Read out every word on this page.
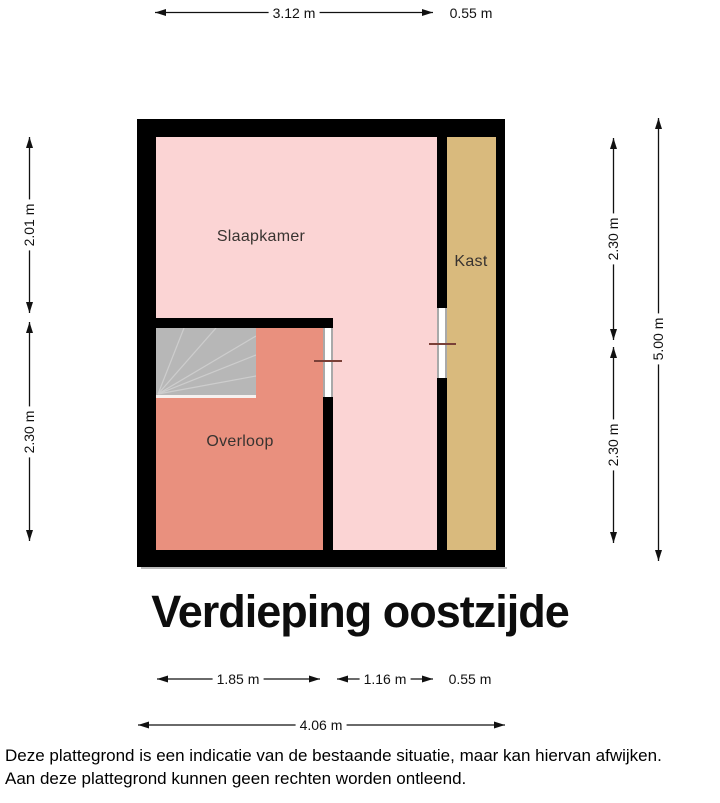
Slaapkamer
Kast
Overloop
3.12 m	0.55 m
2.01 m
2.30 m
2.30 m
2.30 m
5.00 m
1.85 m	1.16 m	0.55 m
4.06 m
Verdieping oostzijde
Deze plattegrond is een indicatie van de bestaande situatie, maar kan hiervan afwijken.
Aan deze plattegrond kunnen geen rechten worden ontleend.
